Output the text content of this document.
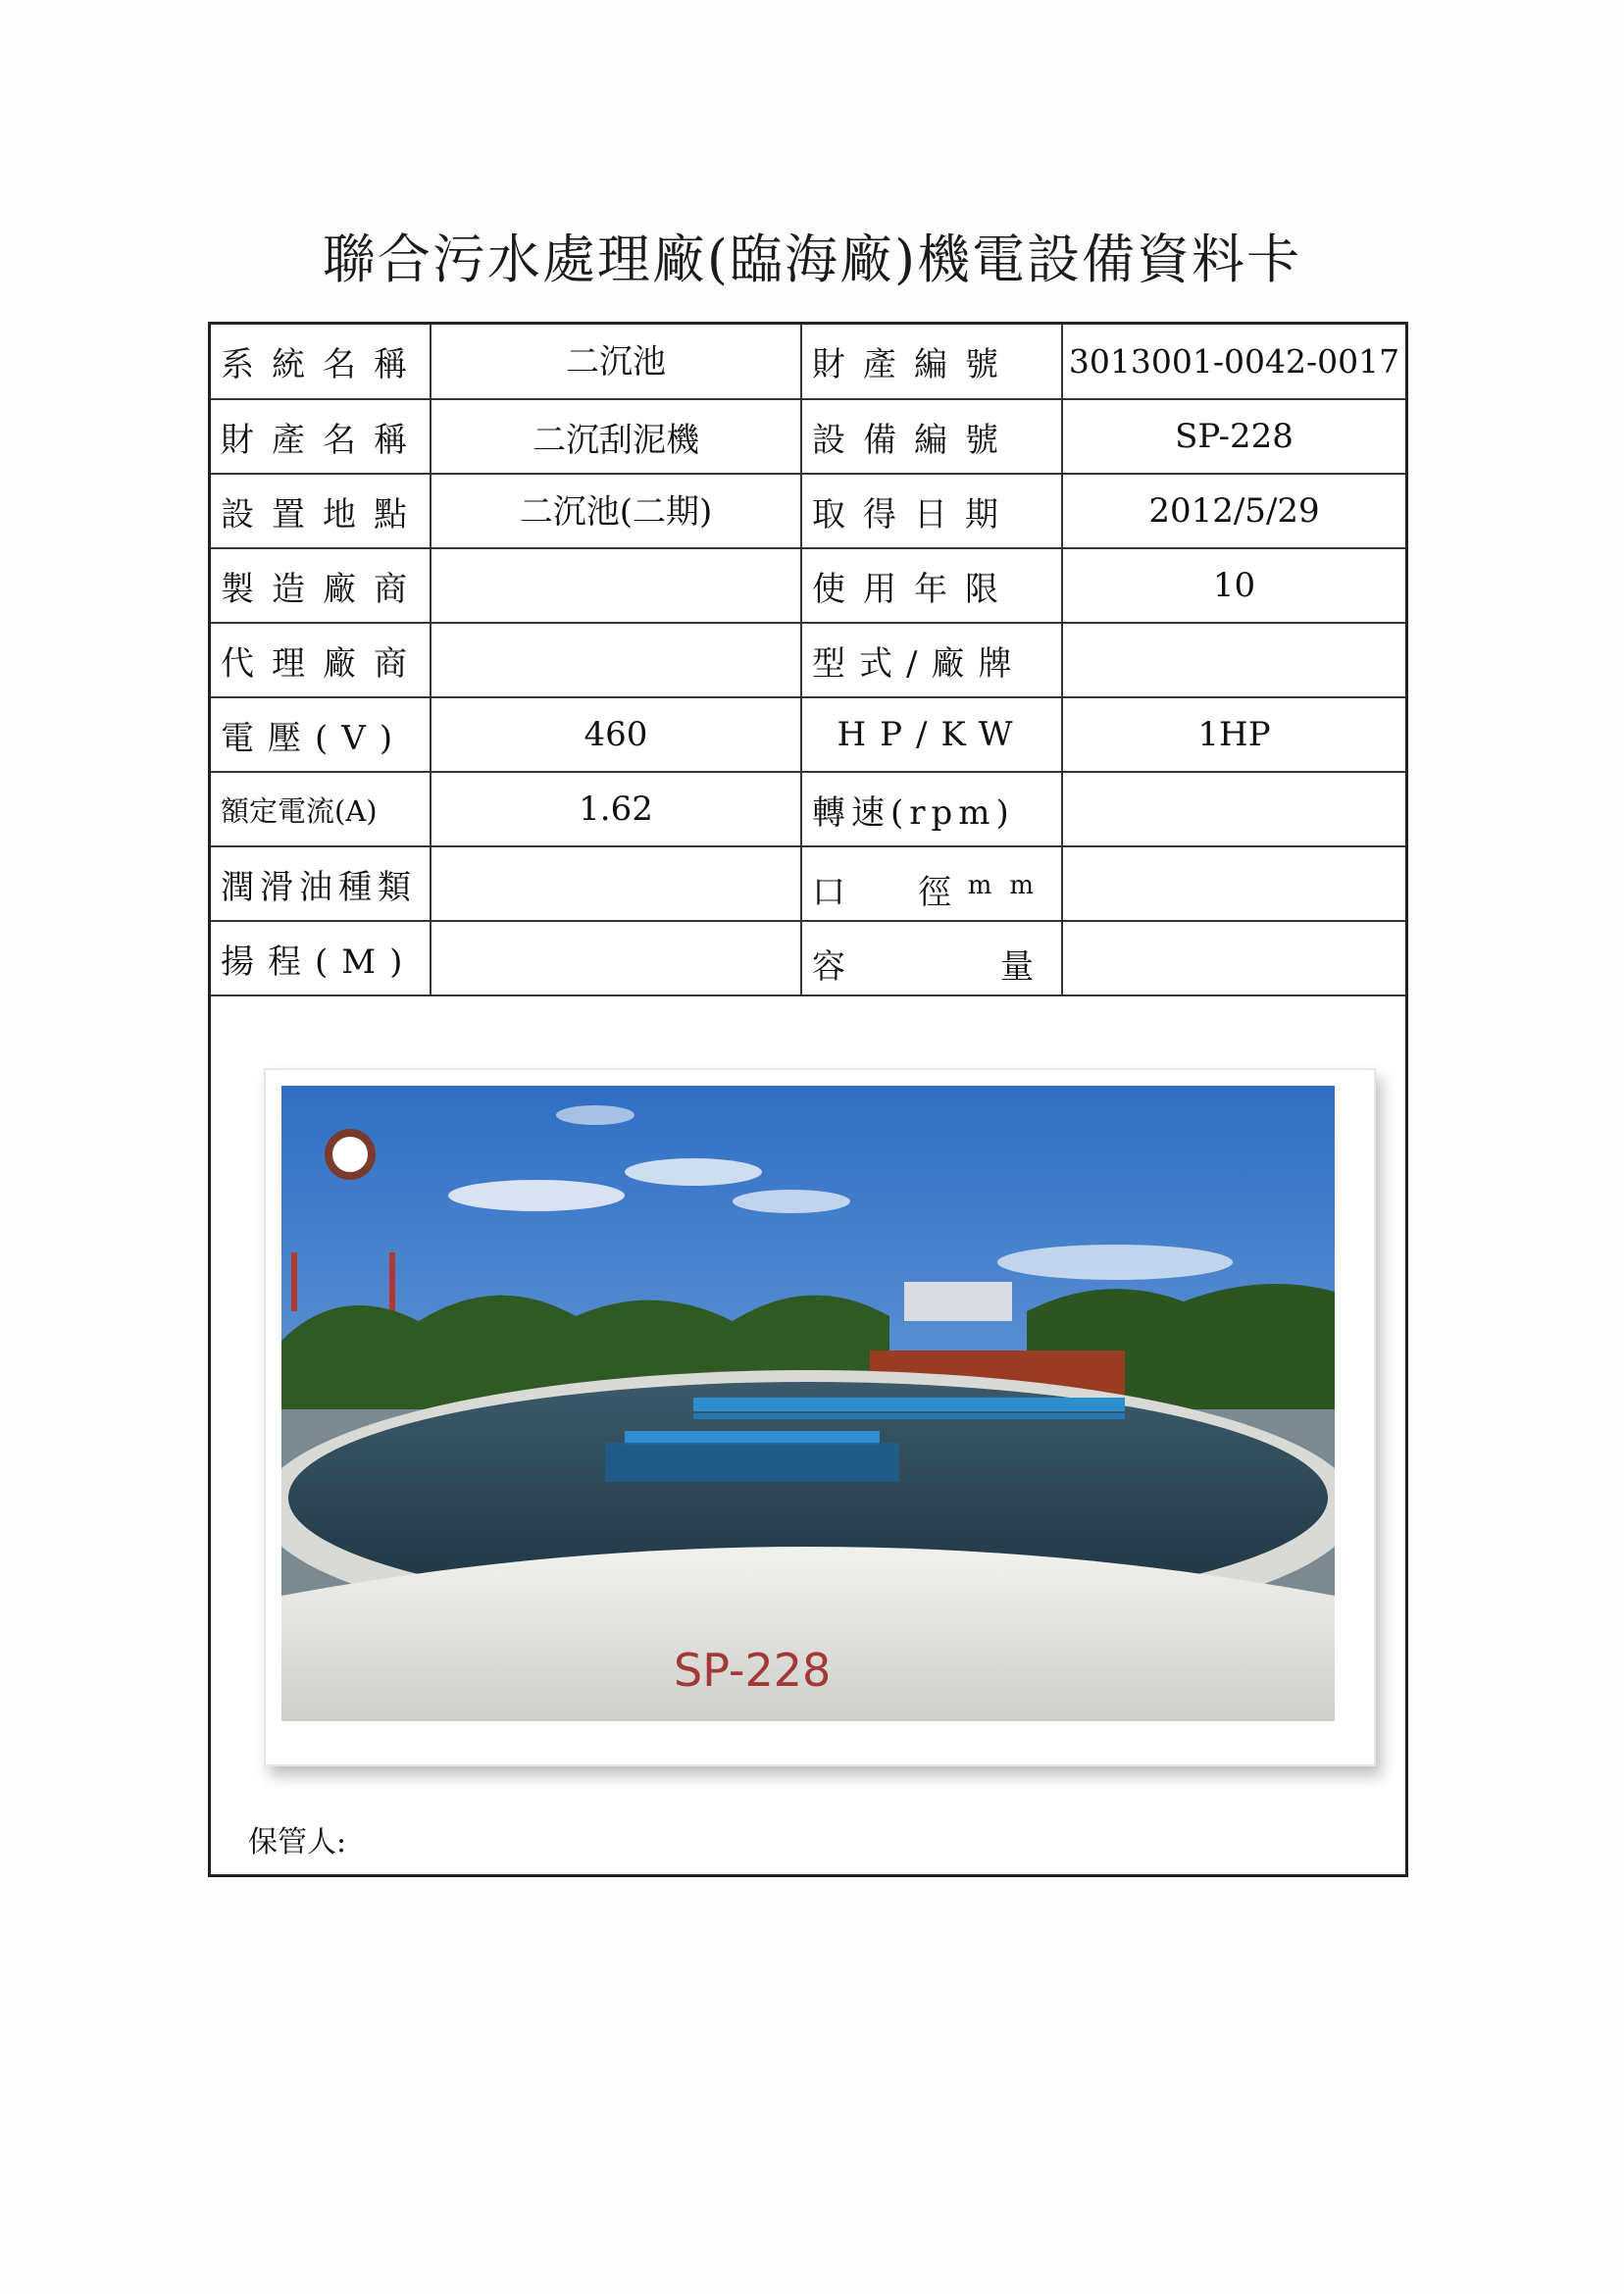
聯合污水處理廠(臨海廠)機電設備資料卡
系統名稱	二沉池	財產編號	3013001-0042-0017
財產名稱	二沉刮泥機	設備編號	SP-228
設置地點	二沉池(二期)	取得日期	2012/5/29
製造廠商		使用年限	10
代理廠商		型式/廠牌	
電壓(V)	460	HP/KW	1HP
額定電流(A)	1.62	轉速(rpm)	
潤滑油種類		口 徑
mm	

揚程(M)		容 量	

SP-228
保管人:
